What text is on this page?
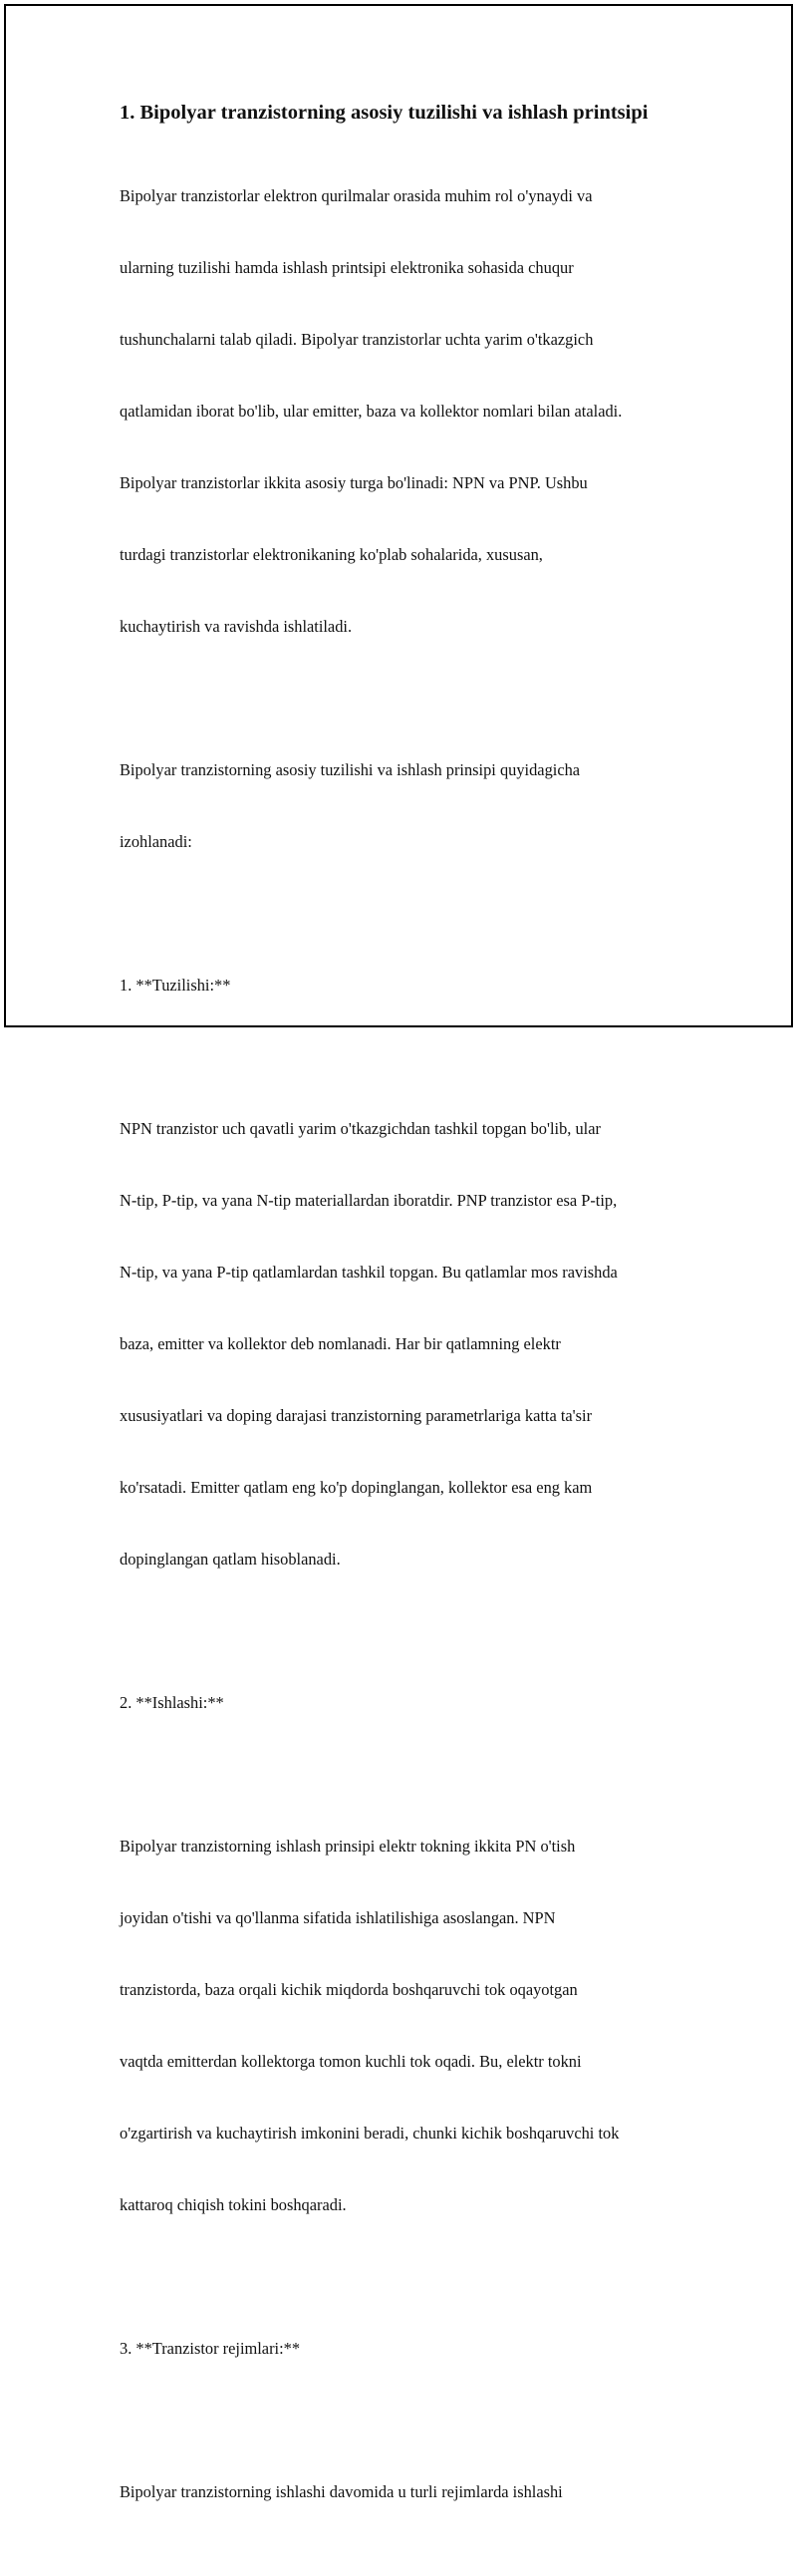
1. Bipolyar tranzistorning asosiy tuzilishi va ishlash printsipi

Bipolyar tranzistorlar elektron qurilmalar orasida muhim rol o'ynaydi va

ularning tuzilishi hamda ishlash printsipi elektronika sohasida chuqur

tushunchalarni talab qiladi. Bipolyar tranzistorlar uchta yarim o'tkazgich

qatlamidan iborat bo'lib, ular emitter, baza va kollektor nomlari bilan ataladi.

Bipolyar tranzistorlar ikkita asosiy turga bo'linadi: NPN va PNP. Ushbu

turdagi tranzistorlar elektronikaning ko'plab sohalarida, xususan,

kuchaytirish va ravishda ishlatiladi.

Bipolyar tranzistorning asosiy tuzilishi va ishlash prinsipi quyidagicha

izohlanadi:

1. **Tuzilishi:**

NPN tranzistor uch qavatli yarim o'tkazgichdan tashkil topgan bo'lib, ular

N-tip, P-tip, va yana N-tip materiallardan iboratdir. PNP tranzistor esa P-tip,

N-tip, va yana P-tip qatlamlardan tashkil topgan. Bu qatlamlar mos ravishda

baza, emitter va kollektor deb nomlanadi. Har bir qatlamning elektr

xususiyatlari va doping darajasi tranzistorning parametrlariga katta ta'sir

ko'rsatadi. Emitter qatlam eng ko'p dopinglangan, kollektor esa eng kam

dopinglangan qatlam hisoblanadi.

2. **Ishlashi:**

Bipolyar tranzistorning ishlash prinsipi elektr tokning ikkita PN o'tish

joyidan o'tishi va qo'llanma sifatida ishlatilishiga asoslangan. NPN

tranzistorda, baza orqali kichik miqdorda boshqaruvchi tok oqayotgan

vaqtda emitterdan kollektorga tomon kuchli tok oqadi. Bu, elektr tokni

o'zgartirish va kuchaytirish imkonini beradi, chunki kichik boshqaruvchi tok

kattaroq chiqish tokini boshqaradi.

3. **Tranzistor rejimlari:**

Bipolyar tranzistorning ishlashi davomida u turli rejimlarda ishlashi
